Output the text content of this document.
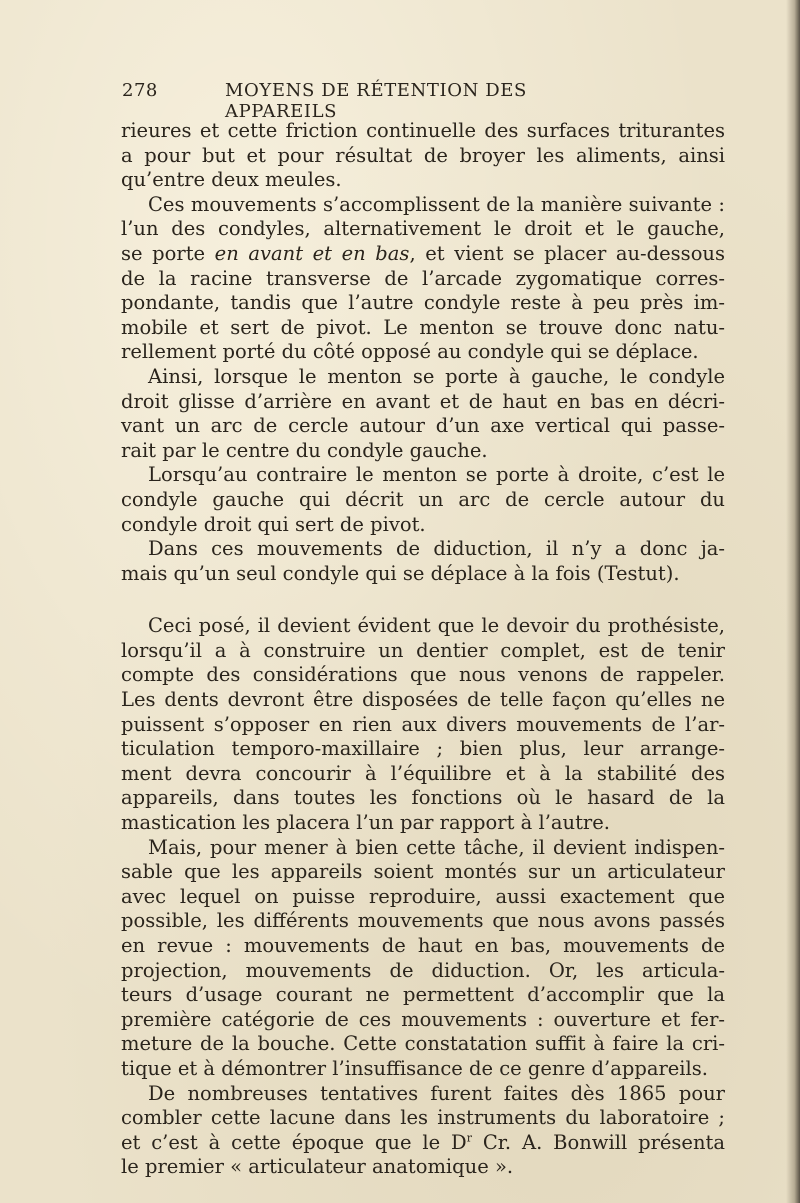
278	MOYENS DE RÉTENTION DES APPAREILS
rieures et cette friction continuelle des surfaces triturantes
a pour but et pour résultat de broyer les aliments, ainsi
qu’entre deux meules.
Ces mouvements s’accomplissent de la manière suivante :
l’un des condyles, alternativement le droit et le gauche,
se porte en avant et en bas, et vient se placer au-dessous
de la racine transverse de l’arcade zygomatique corres-
pondante, tandis que l’autre condyle reste à peu près im-
mobile et sert de pivot. Le menton se trouve donc natu-
rellement porté du côté opposé au condyle qui se déplace.
Ainsi, lorsque le menton se porte à gauche, le condyle
droit glisse d’arrière en avant et de haut en bas en décri-
vant un arc de cercle autour d’un axe vertical qui passe-
rait par le centre du condyle gauche.
Lorsqu’au contraire le menton se porte à droite, c’est le
condyle gauche qui décrit un arc de cercle autour du
condyle droit qui sert de pivot.
Dans ces mouvements de diduction, il n’y a donc ja-
mais qu’un seul condyle qui se déplace à la fois (Testut).
Ceci posé, il devient évident que le devoir du prothésiste,
lorsqu’il a à construire un dentier complet, est de tenir
compte des considérations que nous venons de rappeler.
Les dents devront être disposées de telle façon qu’elles ne
puissent s’opposer en rien aux divers mouvements de l’ar-
ticulation temporo-maxillaire ; bien plus, leur arrange-
ment devra concourir à l’équilibre et à la stabilité des
appareils, dans toutes les fonctions où le hasard de la
mastication les placera l’un par rapport à l’autre.
Mais, pour mener à bien cette tâche, il devient indispen-
sable que les appareils soient montés sur un articulateur
avec lequel on puisse reproduire, aussi exactement que
possible, les différents mouvements que nous avons passés
en revue : mouvements de haut en bas, mouvements de
projection, mouvements de diduction. Or, les articula-
teurs d’usage courant ne permettent d’accomplir que la
première catégorie de ces mouvements : ouverture et fer-
meture de la bouche. Cette constatation suffit à faire la cri-
tique et à démontrer l’insuffisance de ce genre d’appareils.
De nombreuses tentatives furent faites dès 1865 pour
combler cette lacune dans les instruments du laboratoire ;
et c’est à cette époque que le $D^r$ Cr. A. Bonwill présenta
le premier « articulateur anatomique ».
